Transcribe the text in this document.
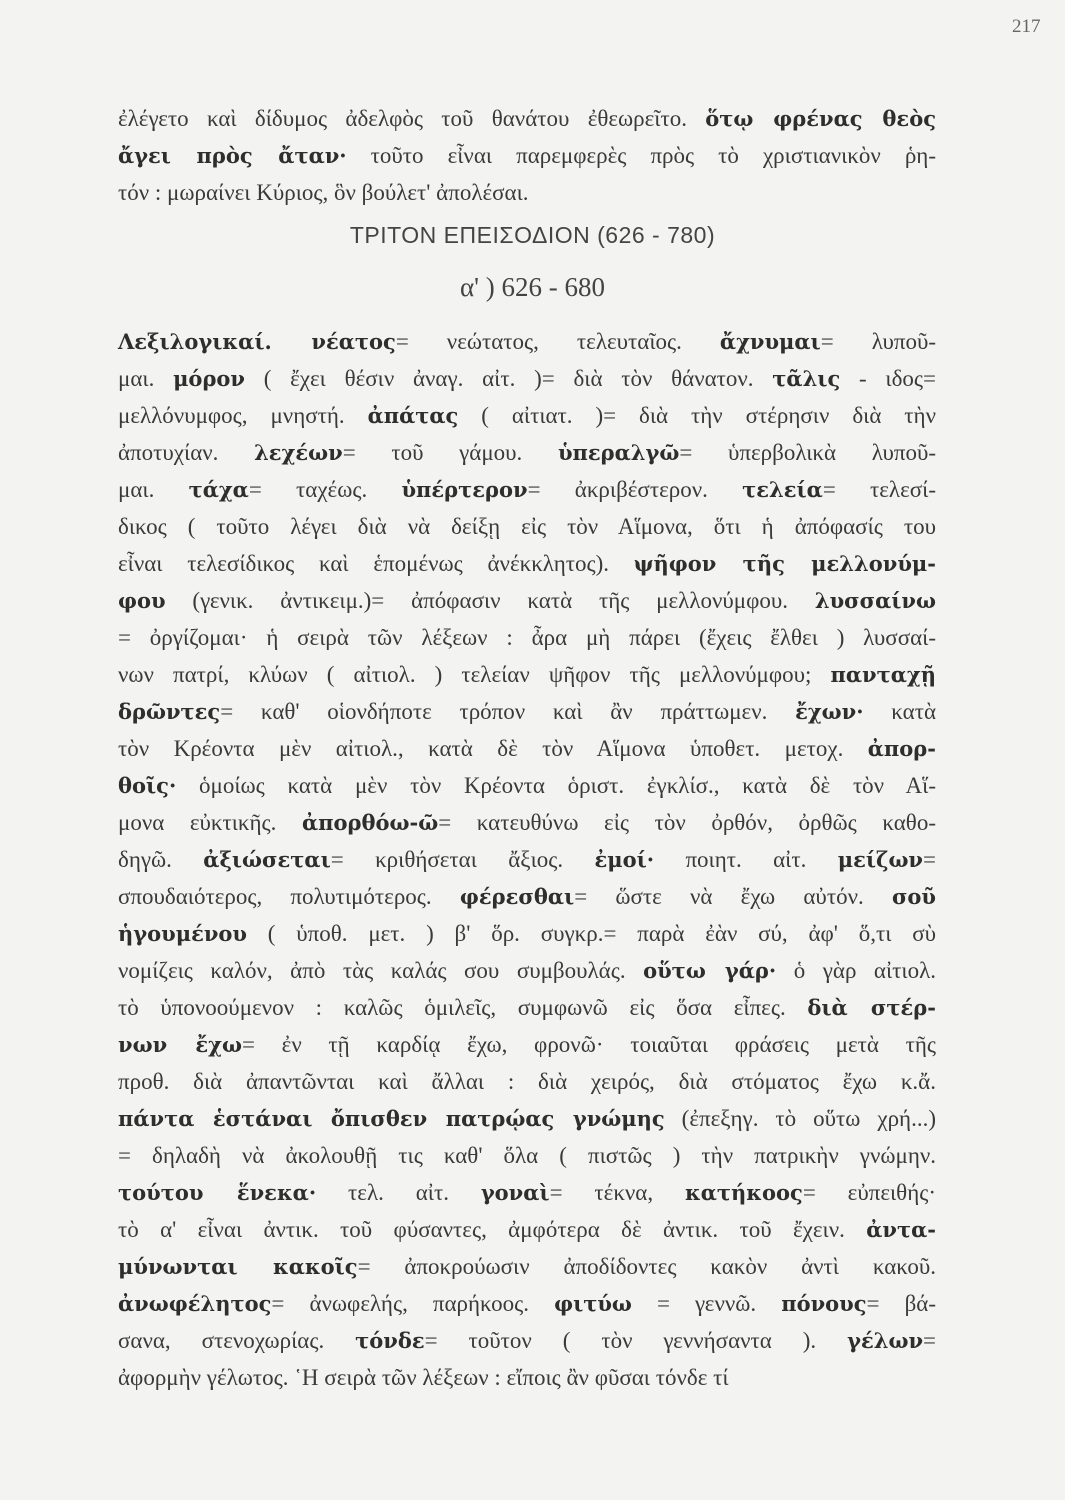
217
ἐλέγετο καὶ δίδυμος ἀδελφὸς τοῦ θανάτου ἐθεωρεῖτο. ὅτῳ φρένας θεὸς
ἄγει πρὸς ἄταν· τοῦτο εἶναι παρεμφερὲς πρὸς τὸ χριστιανικὸν ῥη-
τόν : μωραίνει Κύριος, ὃν βούλετ' ἀπολέσαι.
ΤΡΙΤΟΝ ΕΠΕΙΣΟΔΙΟΝ (626 - 780)
α' ) 626 - 680
Λεξιλογικαί. νέατος= νεώτατος, τελευταῖος. ἄχνυμαι= λυποῦ-
μαι. μόρον ( ἔχει θέσιν ἀναγ. αἰτ. )= διὰ τὸν θάνατον. τᾶλις - ιδος=
μελλόνυμφος, μνηστή. ἀπάτας ( αἰτιατ. )= διὰ τὴν στέρησιν διὰ τὴν
ἀποτυχίαν. λεχέων= τοῦ γάμου. ὑπεραλγῶ= ὑπερβολικὰ λυποῦ-
μαι. τάχα= ταχέως. ὑπέρτερον= ἀκριβέστερον. τελεία= τελεσί-
δικος ( τοῦτο λέγει διὰ νὰ δείξῃ εἰς τὸν Αἵμονα, ὅτι ἡ ἀπόφασίς του
εἶναι τελεσίδικος καὶ ἑπομένως ἀνέκκλητος). ψῆφον τῆς μελλονύμ-
φου (γενικ. ἀντικειμ.)= ἀπόφασιν κατὰ τῆς μελλονύμφου. λυσσαίνω
= ὀργίζομαι· ἡ σειρὰ τῶν λέξεων : ἆρα μὴ πάρει (ἔχεις ἔλθει ) λυσσαί-
νων πατρί, κλύων ( αἰτιολ. ) τελείαν ψῆφον τῆς μελλονύμφου; πανταχῇ
δρῶντες= καθ' οἱονδήποτε τρόπον καὶ ἂν πράττωμεν. ἔχων· κατὰ
τὸν Κρέοντα μὲν αἰτιολ., κατὰ δὲ τὸν Αἵμονα ὑποθετ. μετοχ. ἀπορ-
θοῖς· ὁμοίως κατὰ μὲν τὸν Κρέοντα ὁριστ. ἐγκλίσ., κατὰ δὲ τὸν Αἵ-
μονα εὐκτικῆς. ἀπορθόω-ῶ= κατευθύνω εἰς τὸν ὀρθόν, ὀρθῶς καθο-
δηγῶ. ἀξιώσεται= κριθήσεται ἄξιος. ἐμοί· ποιητ. αἰτ. μείζων=
σπουδαιότερος, πολυτιμότερος. φέρεσθαι= ὥστε νὰ ἔχω αὐτόν. σοῦ
ἡγουμένου ( ὑποθ. μετ. ) β' ὅρ. συγκρ.= παρὰ ἐὰν σύ, ἀφ' ὅ,τι σὺ
νομίζεις καλόν, ἀπὸ τὰς καλάς σου συμβουλάς. οὕτω γάρ· ὁ γὰρ αἰτιολ.
τὸ ὑπονοούμενον : καλῶς ὁμιλεῖς, συμφωνῶ εἰς ὅσα εἶπες. διὰ στέρ-
νων ἔχω= ἐν τῇ καρδίᾳ ἔχω, φρονῶ· τοιαῦται φράσεις μετὰ τῆς
προθ. διὰ ἀπαντῶνται καὶ ἄλλαι : διὰ χειρός, διὰ στόματος ἔχω κ.ἄ.
πάντα ἑστάναι ὄπισθεν πατρῴας γνώμης (ἐπεξηγ. τὸ οὕτω χρή...)
= δηλαδὴ νὰ ἀκολουθῇ τις καθ' ὅλα ( πιστῶς ) τὴν πατρικὴν γνώμην.
τούτου ἕνεκα· τελ. αἰτ. γοναὶ= τέκνα, κατήκοος= εὐπειθής·
τὸ α' εἶναι ἀντικ. τοῦ φύσαντες, ἀμφότερα δὲ ἀντικ. τοῦ ἔχειν. ἀντα-
μύνωνται κακοῖς= ἀποκρούωσιν ἀποδίδοντες κακὸν ἀντὶ κακοῦ.
ἀνωφέλητος= ἀνωφελής, παρήκοος. φιτύω = γεννῶ. πόνους= βά-
σανα, στενοχωρίας. τόνδε= τοῦτον ( τὸν γεννήσαντα ). γέλων=
ἀφορμὴν γέλωτος. ῾Η σειρὰ τῶν λέξεων : εἴποις ἂν φῦσαι τόνδε τί
